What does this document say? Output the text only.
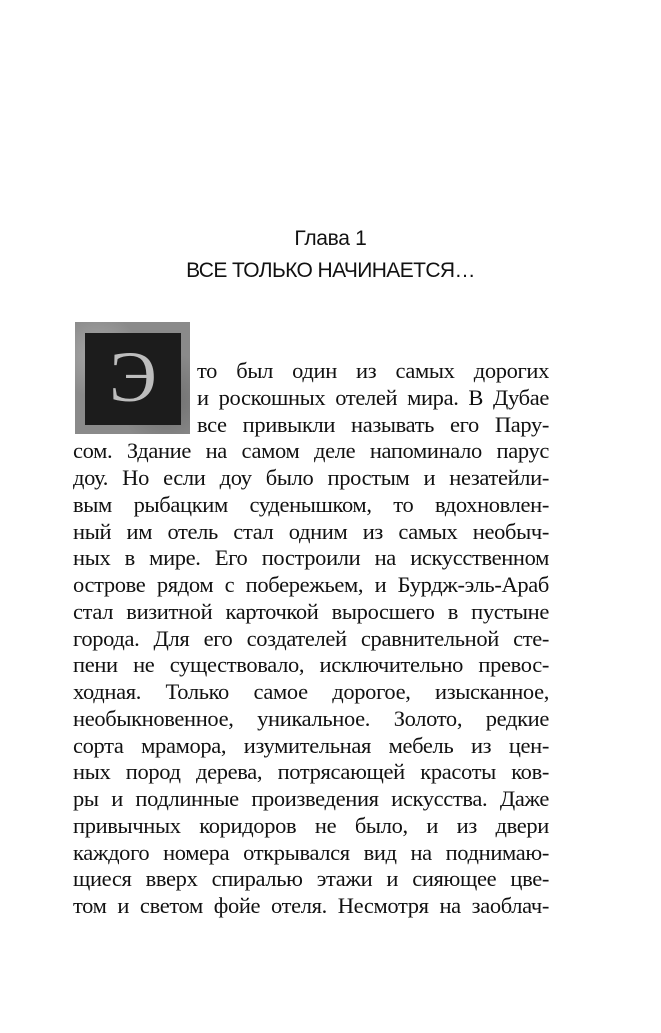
Глава 1
ВСЕ ТОЛЬКО НАЧИНАЕТСЯ…
Э то был один из самых дорогих
и роскошных отелей мира. В Дубае
все привыкли называть его Пару-
сом. Здание на самом деле напоминало парус
доу. Но если доу было простым и незатейли-
вым рыбацким суденышком, то вдохновлен-
ный им отель стал одним из самых необыч-
ных в мире. Его построили на искусственном
острове рядом с побережьем, и Бурдж-эль-Араб
стал визитной карточкой выросшего в пустыне
города. Для его создателей сравнительной сте-
пени не существовало, исключительно превос-
ходная. Только самое дорогое, изысканное,
необыкновенное, уникальное. Золото, редкие
сорта мрамора, изумительная мебель из цен-
ных пород дерева, потрясающей красоты ков-
ры и подлинные произведения искусства. Даже
привычных коридоров не было, и из двери
каждого номера открывался вид на поднимаю-
щиеся вверх спиралью этажи и сияющее цве-
том и светом фойе отеля. Несмотря на заоблач-
